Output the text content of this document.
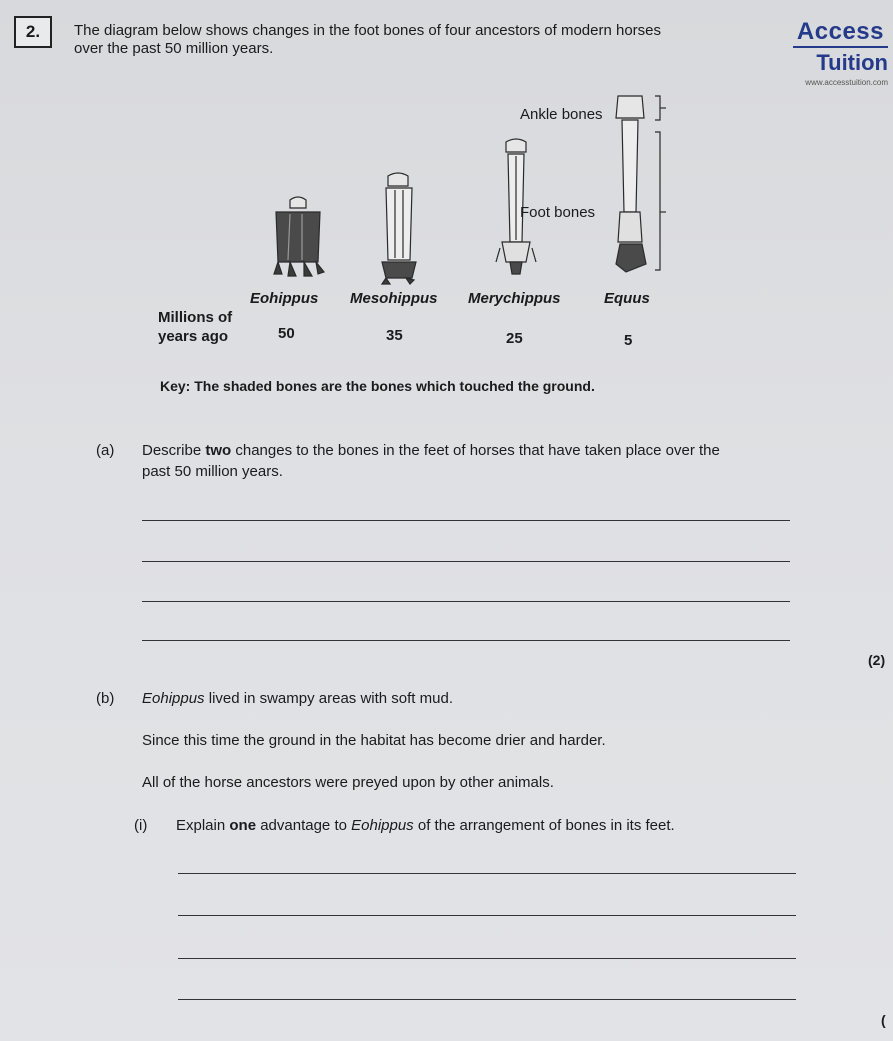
2.	The diagram below shows changes in the foot bones of four ancestors of modern horses
over the past 50 million years.
Access
Tuition
www.accesstuition.com
Ankle bones
Foot bones
Eohippus Mesohippus Merychippus	Equus
Millions of
years ago	50	35	25	5
Key: The shaded bones are the bones which touched the ground.
(a) Describe two changes to the bones in the feet of horses that have taken place over the
past 50 million years.
(2)
(b) Eohippus lived in swampy areas with soft mud.
Since this time the ground in the habitat has become drier and harder.
All of the horse ancestors were preyed upon by other animals.
(i) Explain one advantage to Eohippus of the arrangement of bones in its feet.
(
